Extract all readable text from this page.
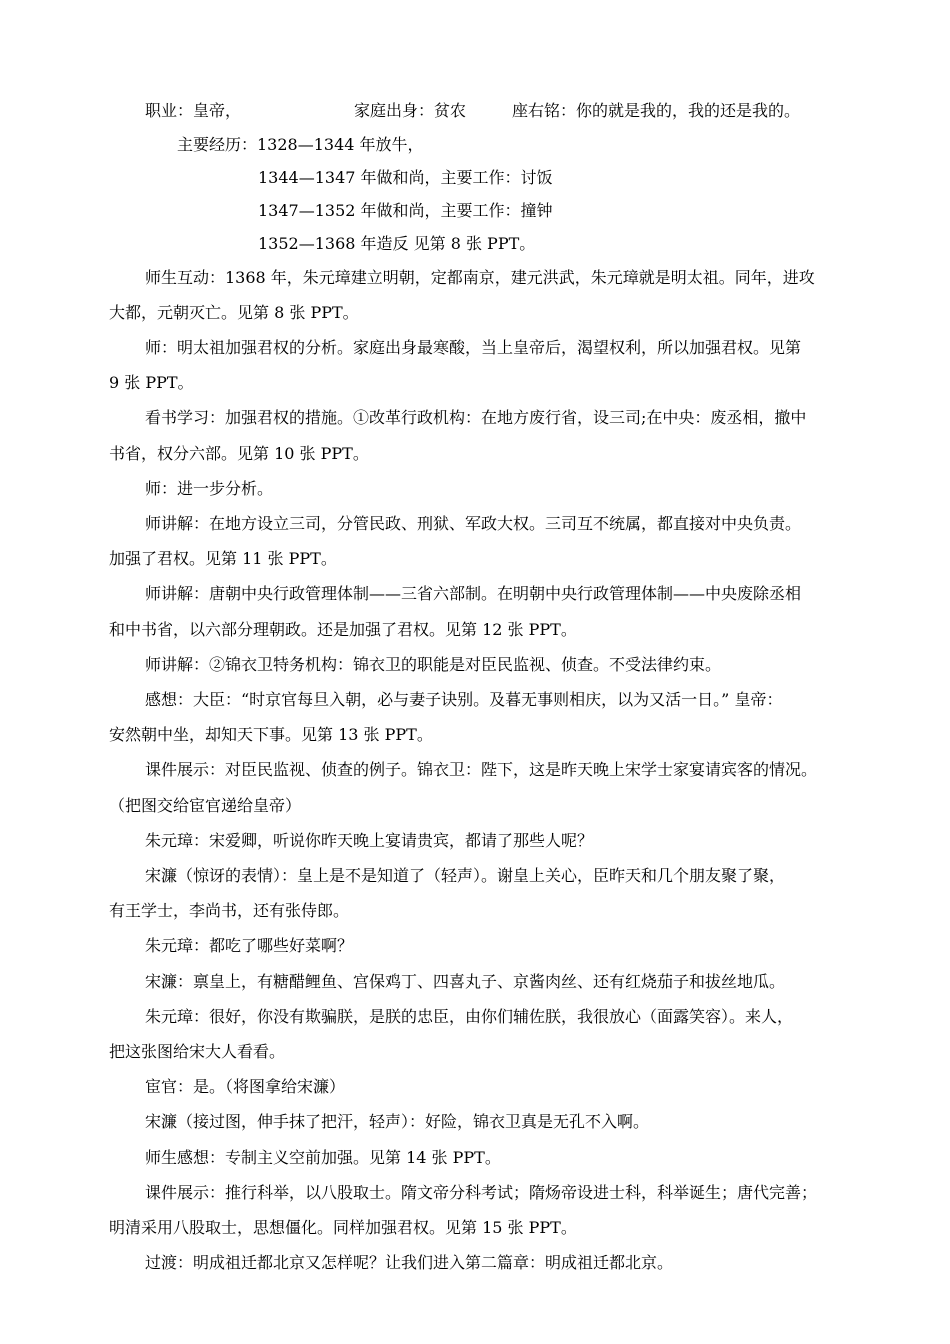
职业：皇帝，	家庭出身：贫农	座右铭：你的就是我的，我的还是我的。
主要经历：1328—1344 年放牛，
1344—1347 年做和尚，主要工作：讨饭
1347—1352 年做和尚，主要工作：撞钟
1352—1368 年造反 见第 8 张 PPT。
师生互动：1368 年，朱元璋建立明朝，定都南京，建元洪武，朱元璋就是明太祖。同年，进攻
大都，元朝灭亡。见第 8 张 PPT。
师：明太祖加强君权的分析。家庭出身最寒酸，当上皇帝后，渴望权利，所以加强君权。见第
9 张 PPT。
看书学习：加强君权的措施。①改革行政机构：在地方废行省，设三司;在中央：废丞相，撤中
书省，权分六部。见第 10 张 PPT。
师：进一步分析。
师讲解：在地方设立三司，分管民政、刑狱、军政大权。三司互不统属，都直接对中央负责。
加强了君权。见第 11 张 PPT。
师讲解：唐朝中央行政管理体制——三省六部制。在明朝中央行政管理体制——中央废除丞相
和中书省，以六部分理朝政。还是加强了君权。见第 12 张 PPT。
师讲解：②锦衣卫特务机构：锦衣卫的职能是对臣民监视、侦查。不受法律约束。
感想：大臣：“时京官每旦入朝，必与妻子诀别。及暮无事则相庆，以为又活一日。” 皇帝：
安然朝中坐，却知天下事。见第 13 张 PPT。
课件展示：对臣民监视、侦查的例子。锦衣卫：陛下，这是昨天晚上宋学士家宴请宾客的情况。
（把图交给宦官递给皇帝）
朱元璋：宋爱卿，听说你昨天晚上宴请贵宾，都请了那些人呢？
宋濂（惊讶的表情）：皇上是不是知道了（轻声）。谢皇上关心，臣昨天和几个朋友聚了聚，
有王学士，李尚书，还有张侍郎。
朱元璋：都吃了哪些好菜啊？
宋濂：禀皇上，有糖醋鲤鱼、宫保鸡丁、四喜丸子、京酱肉丝、还有红烧茄子和拔丝地瓜。
朱元璋：很好，你没有欺骗朕，是朕的忠臣，由你们辅佐朕，我很放心（面露笑容）。来人，
把这张图给宋大人看看。
宦官：是。（将图拿给宋濂）
宋濂（接过图，伸手抹了把汗，轻声）：好险，锦衣卫真是无孔不入啊。
师生感想：专制主义空前加强。见第 14 张 PPT。
课件展示：推行科举，以八股取士。隋文帝分科考试；隋炀帝设进士科，科举诞生；唐代完善；
明清采用八股取士，思想僵化。同样加强君权。见第 15 张 PPT。
过渡：明成祖迁都北京又怎样呢？让我们进入第二篇章：明成祖迁都北京。
